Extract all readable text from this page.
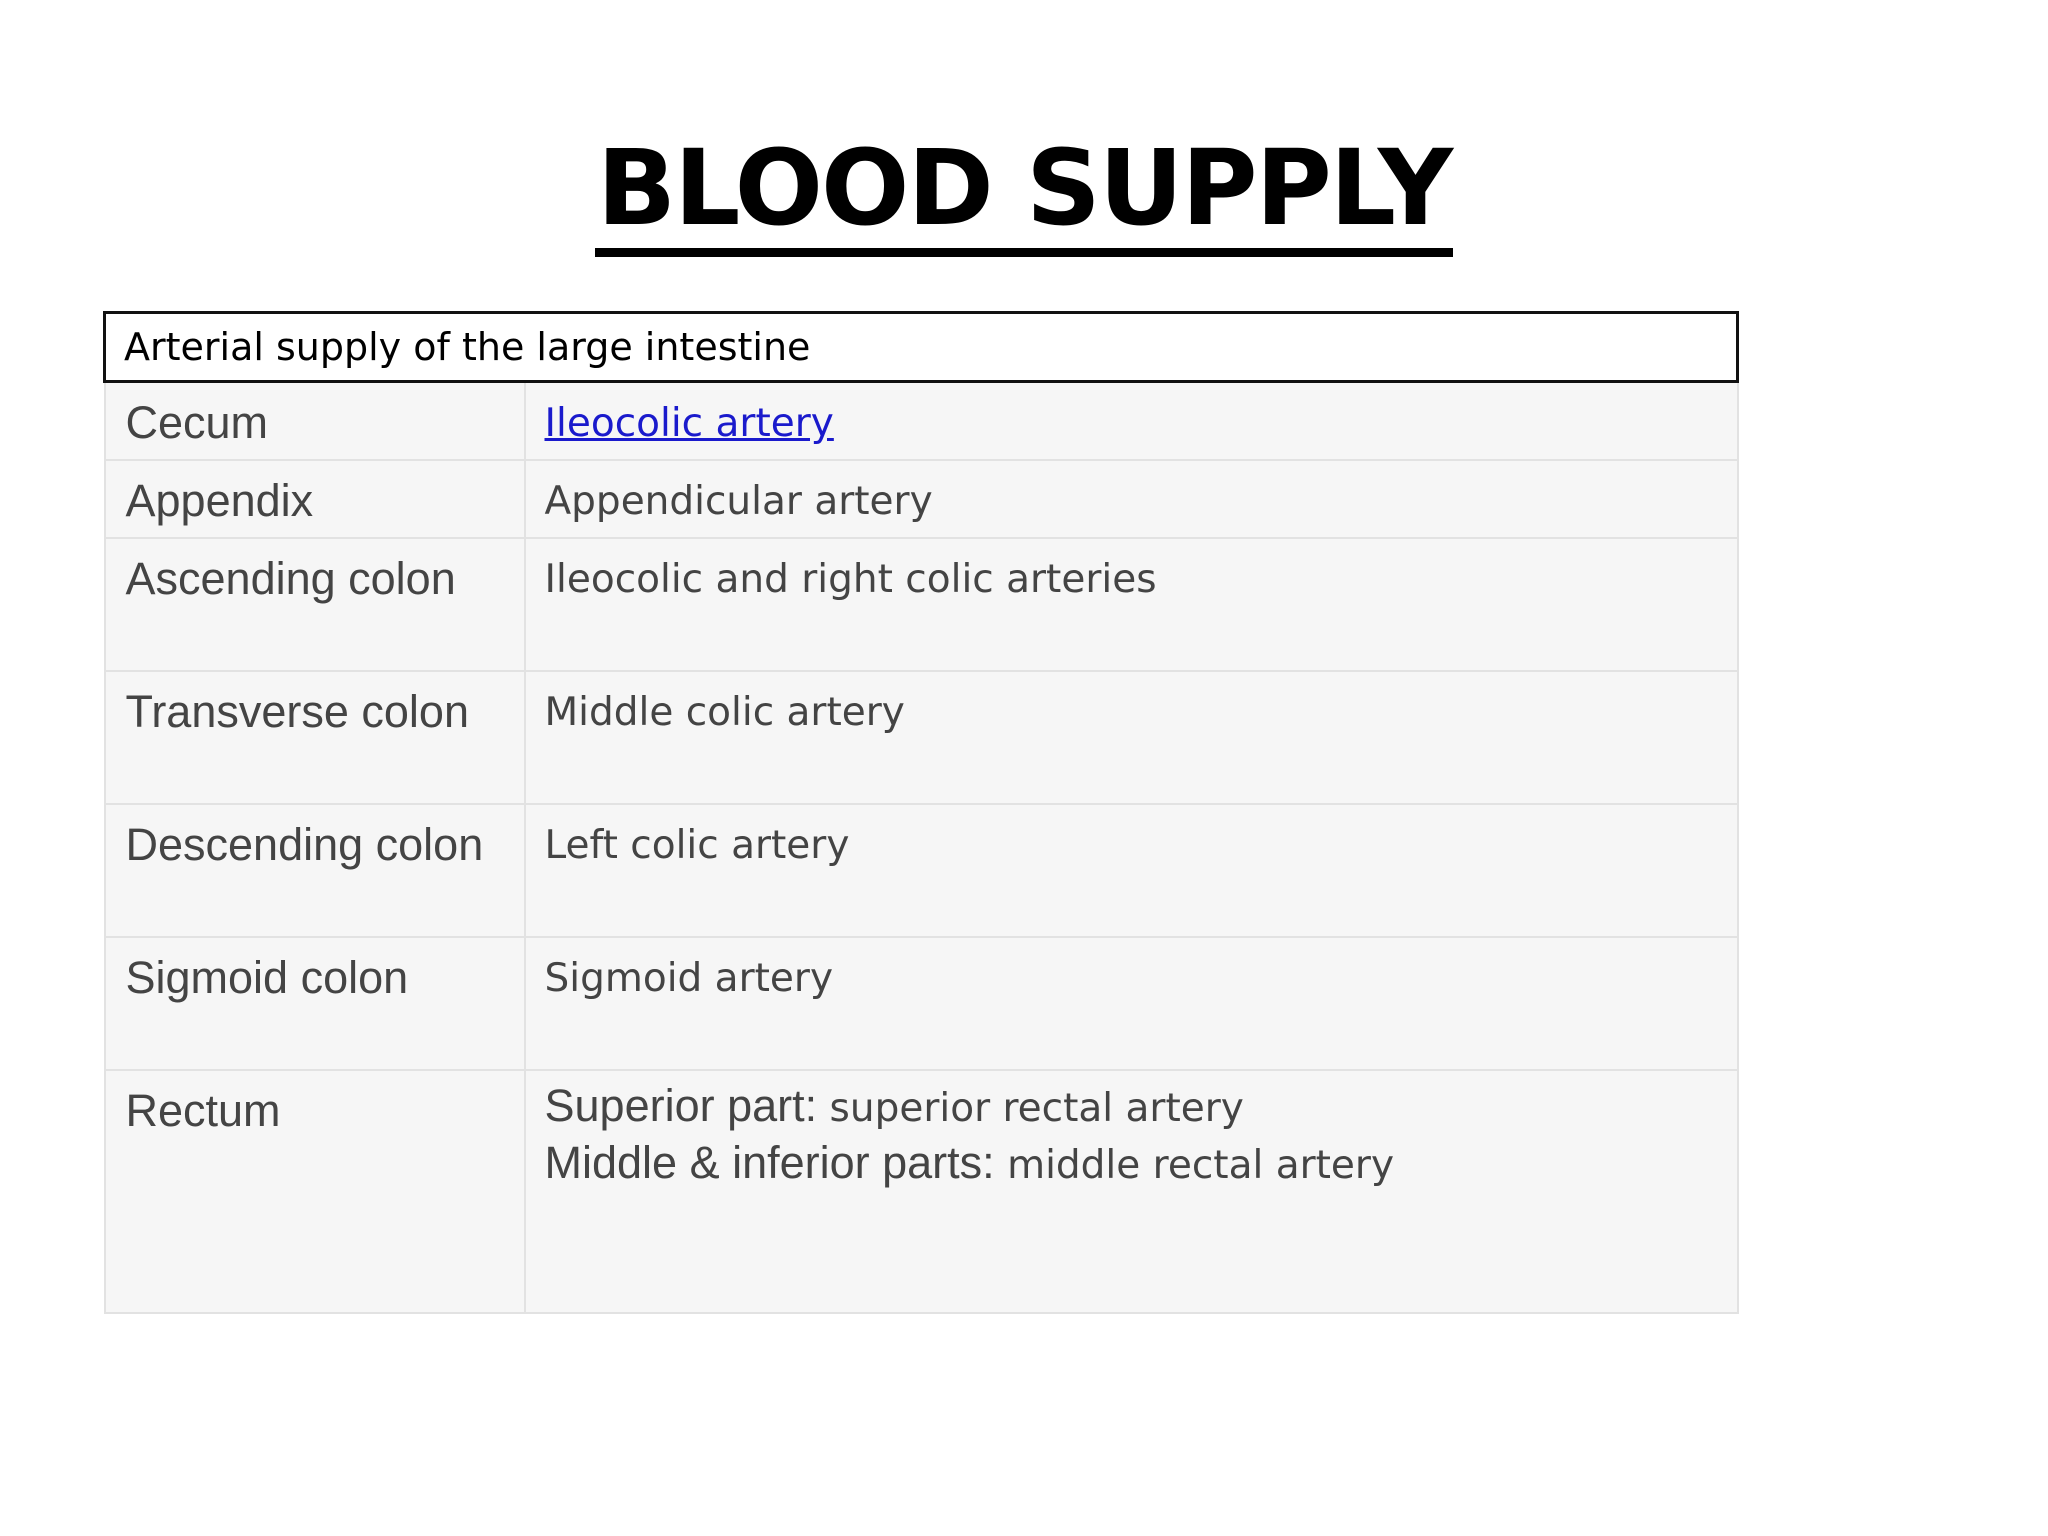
BLOOD SUPPLY
Arterial supply of the large intestine	
Cecum	Ileocolic artery
Appendix	Appendicular artery
Ascending colon	Ileocolic and right colic arteries
Transverse colon	Middle colic artery
Descending colon	Left colic artery
Sigmoid colon	Sigmoid artery
Rectum	Superior part: superior rectal artery
Middle & inferior parts: middle rectal artery
